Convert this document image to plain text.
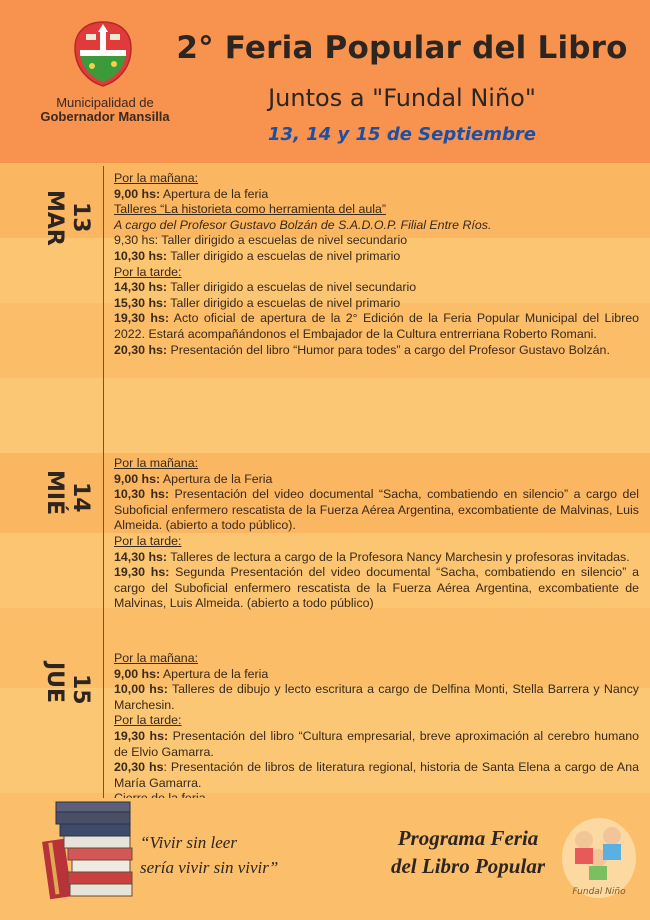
Municipalidad de
Gobernador Mansilla
2° Feria Popular del Libro
Juntos a "Fundal Niño"
13, 14 y 15 de Septiembre
MAR 13
MIÉ 14
JUE 15
Por la mañana:
9,00 hs: Apertura de la feria
Talleres “La historieta como herramienta del aula”
A cargo del Profesor Gustavo Bolzán de S.A.D.O.P. Filial Entre Ríos.
9,30 hs: Taller dirigido a escuelas de nivel secundario
10,30 hs: Taller dirigido a escuelas de nivel primario
Por la tarde:
14,30 hs: Taller dirigido a escuelas de nivel secundario
15,30 hs: Taller dirigido a escuelas de nivel primario
19,30 hs: Acto oficial de apertura de la 2° Edición de la Feria Popular Municipal del Libreo 2022. Estará acompañándonos el Embajador de la Cultura entrerriana Roberto Romani.
20,30 hs: Presentación del libro “Humor para todes” a cargo del Profesor Gustavo Bolzán.
Por la mañana:
9,00 hs: Apertura de la Feria
10,30 hs: Presentación del video documental “Sacha, combatiendo en silencio” a cargo del Suboficial enfermero rescatista de la Fuerza Aérea Argentina, excombatiente de Malvinas, Luis Almeida. (abierto a todo público).
Por la tarde:
14,30 hs: Talleres de lectura a cargo de la Profesora Nancy Marchesin y profesoras invitadas.
19,30 hs: Segunda Presentación del video documental “Sacha, combatiendo en silencio” a cargo del Suboficial enfermero rescatista de la Fuerza Aérea Argentina, excombatiente de Malvinas, Luis Almeida. (abierto a todo público)
Por la mañana:
9,00 hs: Apertura de la feria
10,00 hs: Talleres de dibujo y lecto escritura a cargo de Delfina Monti, Stella Barrera y Nancy Marchesin.
Por la tarde:
19,30 hs: Presentación del libro “Cultura empresarial, breve aproximación al cerebro humano de Elvio Gamarra.
20,30 hs: Presentación de libros de literatura regional, historia de Santa Elena a cargo de Ana María Gamarra.
“Vivir sin leer
sería vivir sin vivir”
Programa Feria
del Libro Popular
Fundal Niño
